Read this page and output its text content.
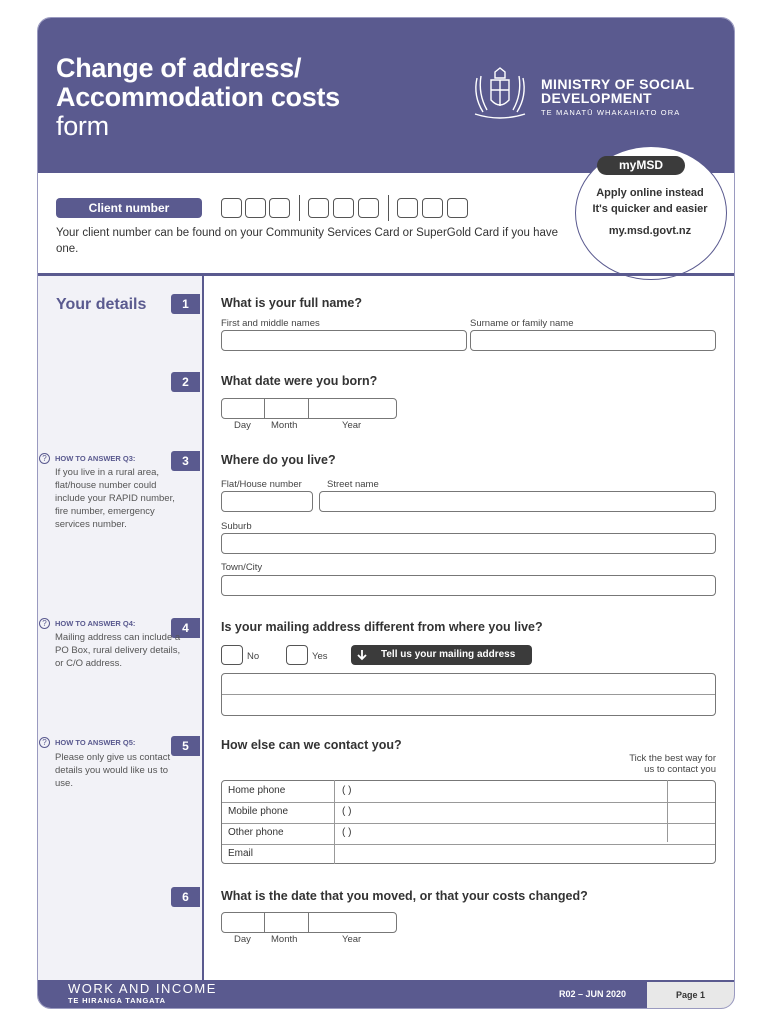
Change of address/
Accommodation costs
form
MINISTRY OF SOCIAL
DEVELOPMENT
TE MANATŪ WHAKAHIATO ORA
myMSD
Apply online instead
It's quicker and easier
my.msd.govt.nz
Client number
Your client number can be found on your Community Services Card or SuperGold Card if you have one.
Your details	1	What is your full name?
First and middle names	Surname or family name
2	What date were you born?
Day Month	Year
3	Where do you live?
?	HOW TO ANSWER Q3:
If you live in a rural area, flat/house number could include your RAPID number, fire number, emergency services number.
Flat/House number	Street name
Suburb
Town/City
4	Is your mailing address different from where you live?
?	HOW TO ANSWER Q4:
Mailing address can include a PO Box, rural delivery details, or C/O address.
No	Yes	Tell us your mailing address
5	How else can we contact you?
?	HOW TO ANSWER Q5:
Please only give us contact details you would like us to use.
Tick the best way for
us to contact you
Home phone	( )
Mobile phone	( )
Other phone	( )
Email
6	What is the date that you moved, or that your costs changed?
Day Month	Year
WORK AND INCOME
TE HIRANGA TANGATA
R02 – JUN 2020	Page 1
